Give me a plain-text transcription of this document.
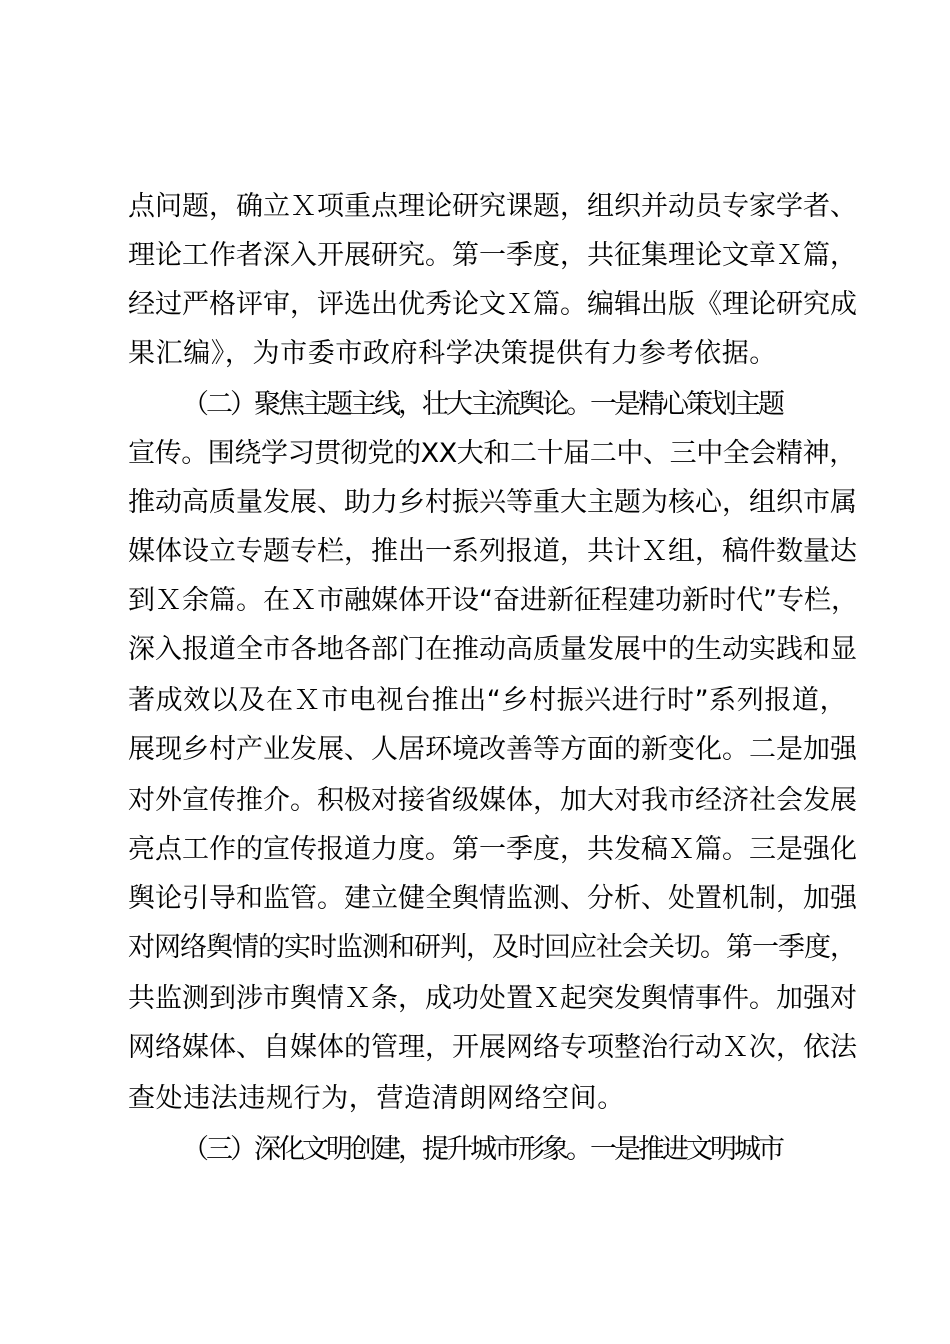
点问题，确立Ｘ项重点理论研究课题，组织并动员专家学者、
理论工作者深入开展研究。第一季度，共征集理论文章Ｘ篇，
经过严格评审，评选出优秀论文Ｘ篇。编辑出版《理论研究成
果汇编》，为市委市政府科学决策提供有力参考依据。
（二）聚焦主题主线，壮大主流舆论。一是精心策划主题
宣传。围绕学习贯彻党的XX大和二十届二中、三中全会精神，
推动高质量发展、助力乡村振兴等重大主题为核心，组织市属
媒体设立专题专栏，推出一系列报道，共计Ｘ组，稿件数量达
到Ｘ余篇。在Ｘ市融媒体开设“奋进新征程建功新时代”专栏，
深入报道全市各地各部门在推动高质量发展中的生动实践和显
著成效以及在Ｘ市电视台推出“乡村振兴进行时”系列报道，
展现乡村产业发展、人居环境改善等方面的新变化。二是加强
对外宣传推介。积极对接省级媒体，加大对我市经济社会发展
亮点工作的宣传报道力度。第一季度，共发稿Ｘ篇。三是强化
舆论引导和监管。建立健全舆情监测、分析、处置机制，加强
对网络舆情的实时监测和研判，及时回应社会关切。第一季度，
共监测到涉市舆情Ｘ条，成功处置Ｘ起突发舆情事件。加强对
网络媒体、自媒体的管理，开展网络专项整治行动Ｘ次，依法
查处违法违规行为，营造清朗网络空间。
（三）深化文明创建，提升城市形象。一是推进文明城市
